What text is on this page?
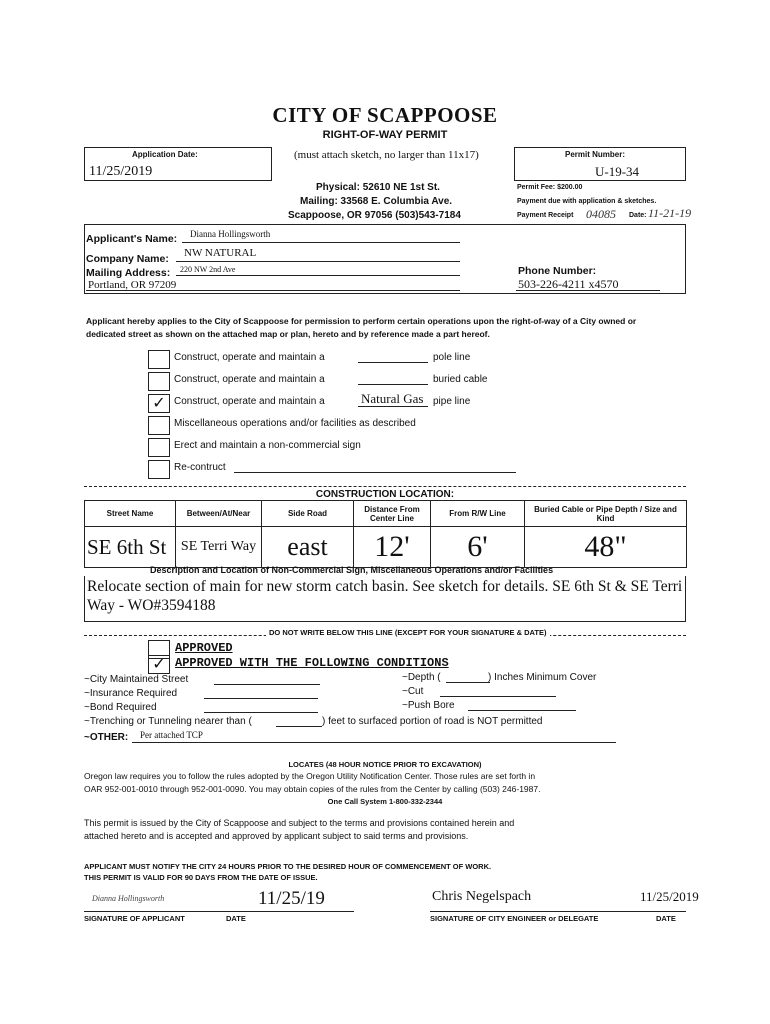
CITY OF SCAPPOOSE
RIGHT-OF-WAY PERMIT
(must attach sketch, no larger than 11x17)
Application Date:
11/25/2019
Permit Number:
U-19-34
Physical: 52610 NE 1st St.
Mailing: 33568 E. Columbia Ave.
Scappoose, OR 97056 (503)543-7184
Permit Fee: $200.00
Payment due with application & sketches.
Payment Receipt 04085 Date: 11-21-19
Applicant's Name: Dianna Hollingsworth
Company Name: NW NATURAL
Mailing Address: 220 NW 2nd Ave
Portland, OR 97209
Phone Number:
503-226-4211 x4570
Applicant hereby applies to the City of Scappoose for permission to perform certain operations upon the right-of-way of a City owned or dedicated street as shown on the attached map or plan, hereto and by reference made a part hereof.
Construct, operate and maintain a	pole line
Construct, operate and maintain a	buried cable
✓ Construct, operate and maintain a	Natural Gas pipe line
Miscellaneous operations and/or facilities as described
Erect and maintain a non-commercial sign
Re-contruct
CONSTRUCTION LOCATION:
Street Name	Between/At/Near	Side Road	Distance From Center Line	From R/W Line	Buried Cable or Pipe Depth / Size and Kind
SE 6th St	SE Terri Way	east	12'	6'	48"
Description and Location of Non-Commercial Sign, Miscellaneous Operations and/or Facilities
Relocate section of main for new storm catch basin. See sketch for details. SE 6th St & SE Terri Way - WO#3594188
DO NOT WRITE BELOW THIS LINE (EXCEPT FOR YOUR SIGNATURE & DATE)
APPROVED
✓ APPROVED WITH THE FOLLOWING CONDITIONS
~City Maintained Street
~Insurance Required
~Bond Required
~Depth (	) Inches Minimum Cover
~Cut
~Push Bore
~Trenching or Tunneling nearer than (	) feet to surfaced portion of road is NOT permitted
~OTHER: Per attached TCP
LOCATES (48 HOUR NOTICE PRIOR TO EXCAVATION)
Oregon law requires you to follow the rules adopted by the Oregon Utility Notification Center. Those rules are set forth in
OAR 952-001-0010 through 952-001-0090. You may obtain copies of the rules from the Center by calling (503) 246-1987.
One Call System 1-800-332-2344
This permit is issued by the City of Scappoose and subject to the terms and provisions contained herein and
attached hereto and is accepted and approved by applicant subject to said terms and provisions.
APPLICANT MUST NOTIFY THE CITY 24 HOURS PRIOR TO THE DESIRED HOUR OF COMMENCEMENT OF WORK.
THIS PERMIT IS VALID FOR 90 DAYS FROM THE DATE OF ISSUE.
Dianna Hollingsworth	11/25/19
SIGNATURE OF APPLICANT	DATE
Chris Negelspach	11/25/2019
SIGNATURE OF CITY ENGINEER or DELEGATE	DATE
